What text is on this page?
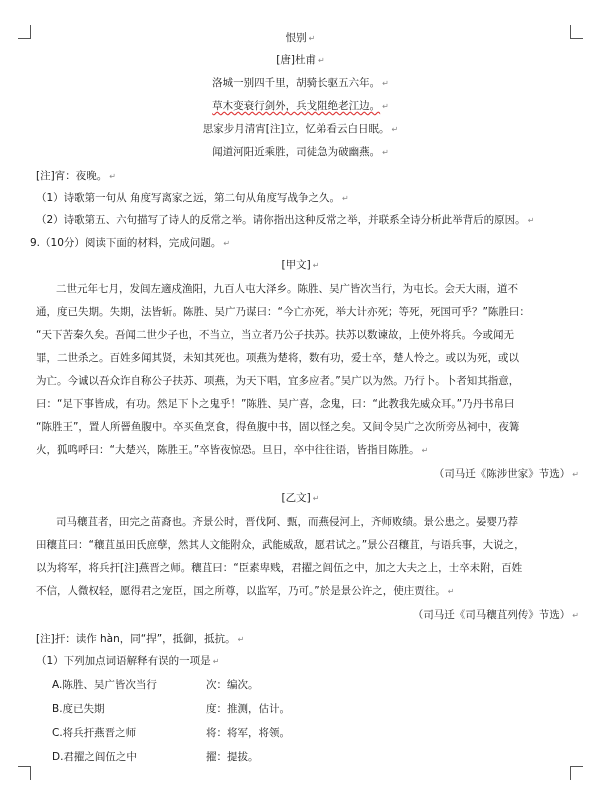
恨别 ↵
[唐]杜甫 ↵
洛城一别四千里，胡骑长驱五六年。 ↵
草木变衰行剑外，兵戈阻绝老江边。 ↵
思家步月清宵[注]立，忆弟看云白日眠。 ↵
闻道河阳近乘胜，司徒急为破幽燕。 ↵
[注]宵：夜晚。 ↵
（1）诗歌第一句从 角度写离家之远，第二句从角度写战争之久。 ↵
（2）诗歌第五、六句描写了诗人的反常之举。请你指出这种反常之举，并联系全诗分析此举背后的原因。 ↵
9.（10分）阅读下面的材料，完成问题。 ↵
[甲文] ↵
二世元年七月，发闾左適戍渔阳，九百人屯大泽乡。陈胜、吴广皆次当行，为屯长。会天大雨，道不
通，度已失期。失期，法皆斩。陈胜、吴广乃谋曰：“今亡亦死，举大计亦死；等死，死国可乎？”陈胜曰：
“天下苦秦久矣。吾闻二世少子也，不当立，当立者乃公子扶苏。扶苏以数谏故，上使外将兵。今或闻无
罪，二世杀之。百姓多闻其贤，未知其死也。项燕为楚将，数有功，爱士卒，楚人怜之。或以为死，或以
为亡。今诚以吾众诈自称公子扶苏、项燕，为天下唱，宜多应者。”吴广以为然。乃行卜。卜者知其指意，
曰：“足下事皆成，有功。然足下卜之鬼乎！”陈胜、吴广喜，念鬼，曰：“此教我先威众耳。”乃丹书帛曰
“陈胜王”，置人所罾鱼腹中。卒买鱼烹食，得鱼腹中书，固以怪之矣。又间令吴广之次所旁丛祠中，夜篝
火，狐鸣呼曰：“大楚兴，陈胜王。”卒皆夜惊恐。旦日，卒中往往语，皆指目陈胜。 ↵
（司马迁《陈涉世家》节选） ↵
[乙文] ↵
司马穰苴者，田完之苗裔也。齐景公时，晋伐阿、甄，而燕侵河上，齐师败绩。景公患之。晏婴乃荐
田穰苴曰：“穰苴虽田氏庶孽，然其人文能附众，武能威敌，愿君试之。”景公召穰苴，与语兵事，大说之，
以为将军，将兵扞[注]燕晋之师。穰苴曰：“臣素卑贱，君擢之闾伍之中，加之大夫之上，士卒未附，百姓
不信，人微权轻，愿得君之宠臣，国之所尊，以监军，乃可。”於是景公许之，使庄贾往。 ↵
（司马迁《司马穰苴列传》节选） ↵
[注]扞：读作 hàn，同“捍”，抵御，抵抗。 ↵
（1）下列加点词语解释有误的一项是 ↵
A.陈胜、吴广皆次当行	次：编次。
B.度已失期	度：推测，估计。
C.将兵扞燕晋之师	将：将军，将领。
D.君擢之闾伍之中	擢：提拔。
